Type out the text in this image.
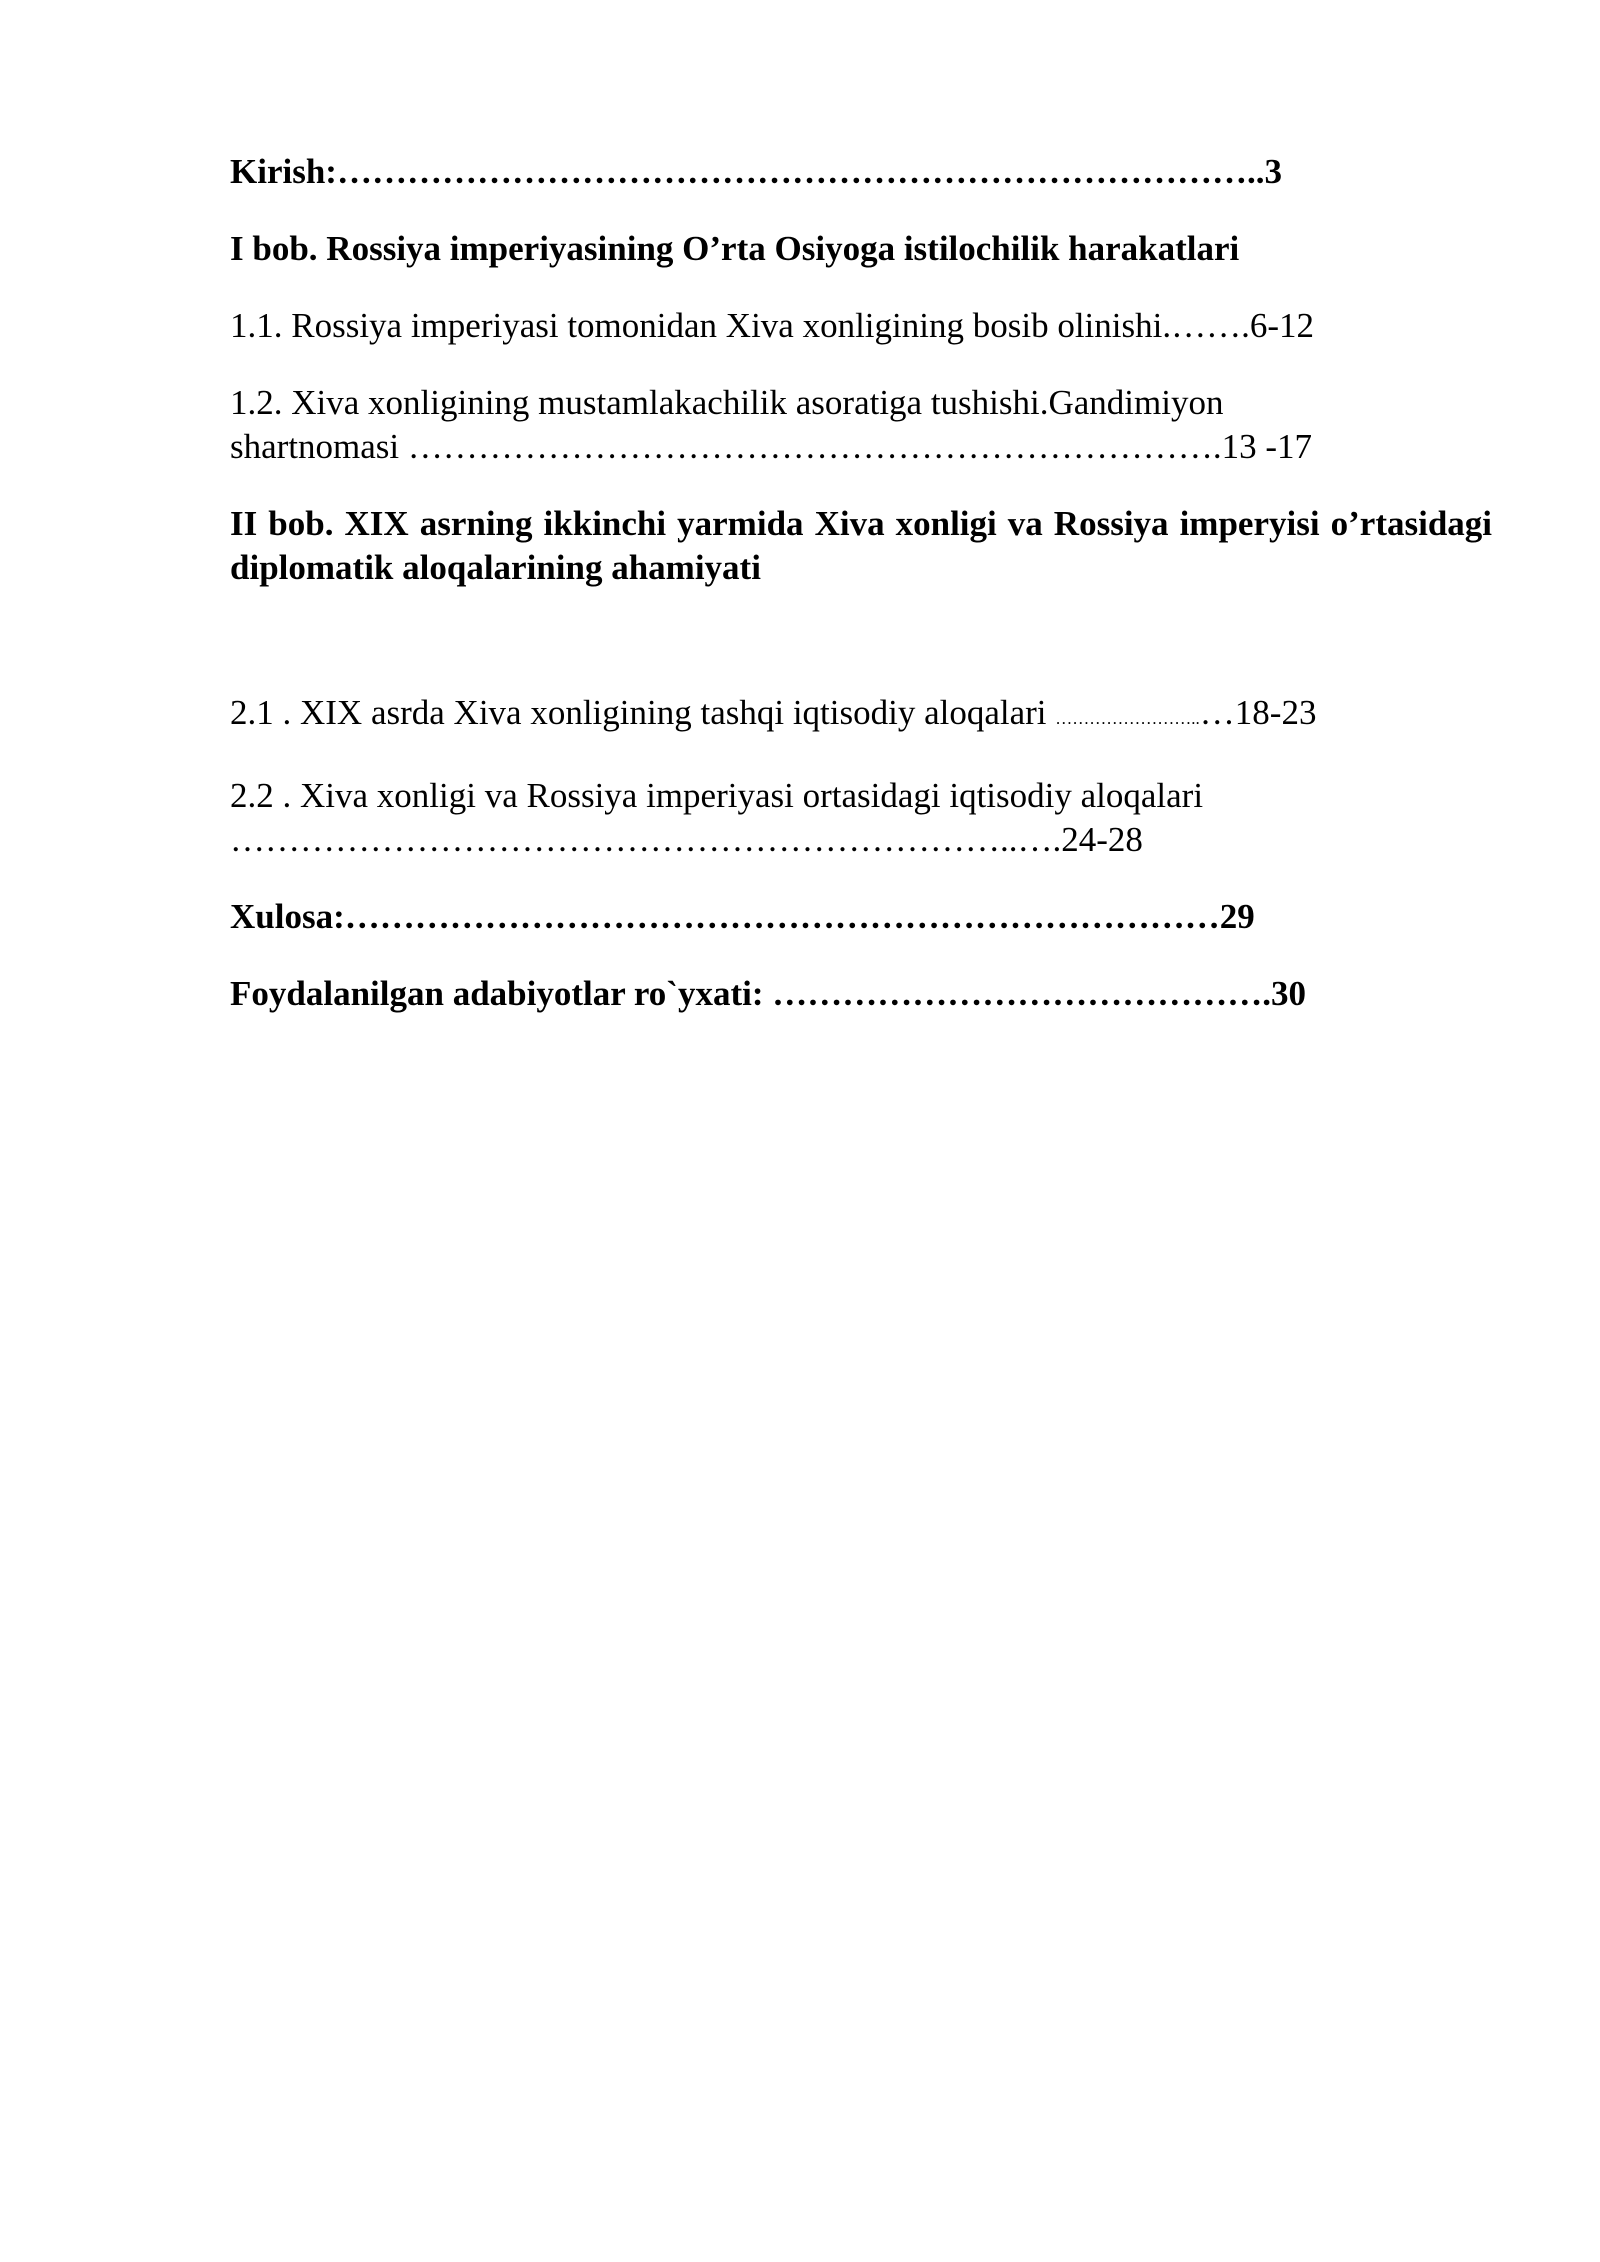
Kirish:……………………………………………………………………..3
I bob. Rossiya imperiyasining O’rta Osiyoga istilochilik harakatlari
1.1. Rossiya imperiyasi tomonidan Xiva xonligining bosib olinishi.…….6-12
1.2. Xiva xonligining mustamlakachilik asoratiga tushishi.Gandimiyon
shartnomasi …………………………………………………………….13 -17
II bob. XIX asrning ikkinchi yarmida Xiva xonligi va Rossiya imperyisi o’rtasidagi diplomatik aloqalarining ahamiyati
2.1 . XIX asrda Xiva xonligining tashqi iqtisodiy aloqalari ……………………..…18-23
2.2 . Xiva xonligi va Rossiya imperiyasi ortasidagi iqtisodiy aloqalari
…………………………………………………………..….24-28
Xulosa:…………………………………………………………………29
Foydalanilgan adabiyotlar ro`yxati: …………………………………….30
